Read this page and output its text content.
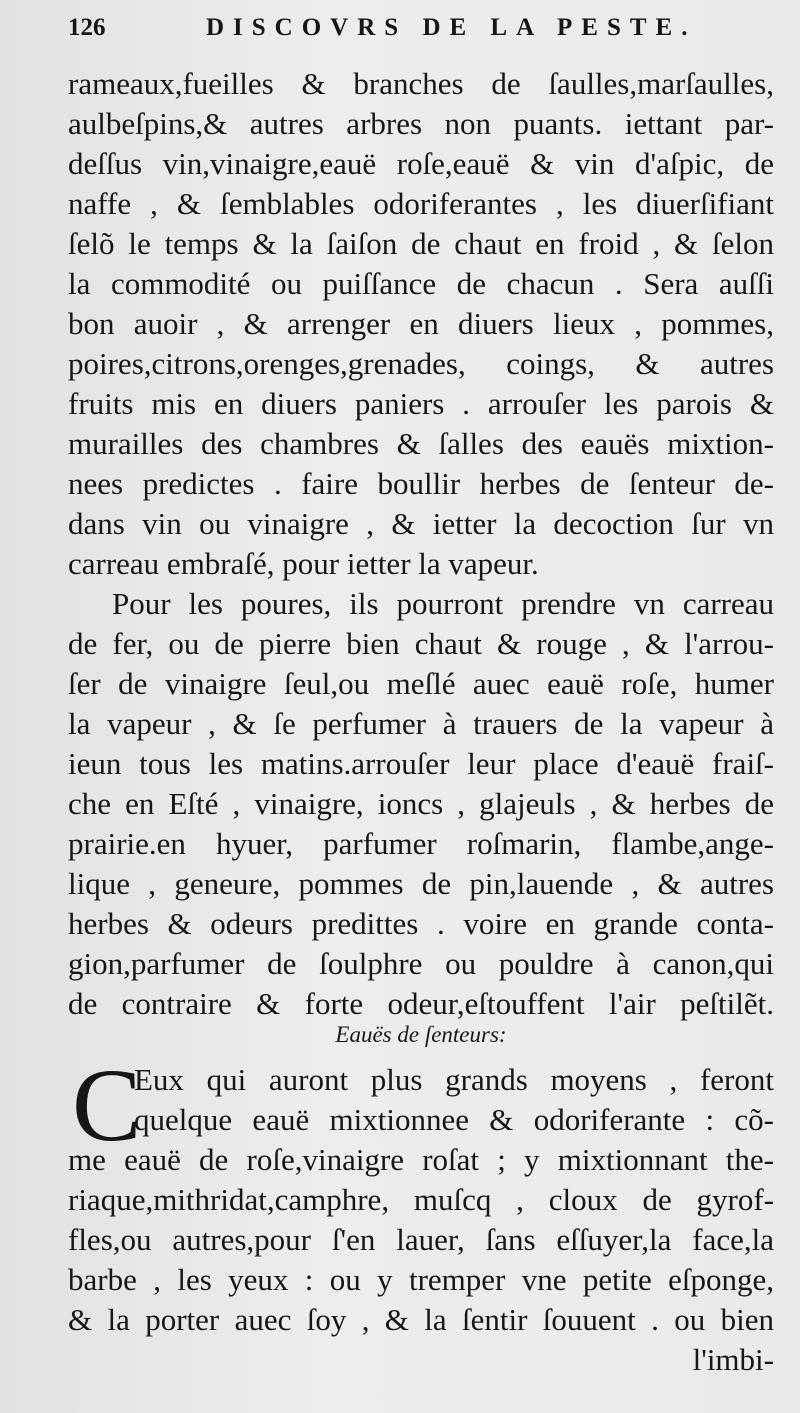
126	DISCOVRS DE LA PESTE.
rameaux,fueilles & branches de ſaulles,marſaulles,
aulbeſpins,& autres arbres non puants. iettant par-
deſſus vin,vinaigre,eauë roſe,eauë & vin d'aſpic, de
naffe , & ſemblables odoriferantes , les diuerſifiant
ſelõ le temps & la ſaiſon de chaut en froid , & ſelon
la commodité ou puiſſance de chacun . Sera auſſi
bon auoir , & arrenger en diuers lieux , pommes,
poires,citrons,orenges,grenades, coings, & autres
fruits mis en diuers paniers . arrouſer les parois &
murailles des chambres & ſalles des eauës mixtion-
nees predictes . faire boullir herbes de ſenteur de-
dans vin ou vinaigre , & ietter la decoction ſur vn
carreau embraſé, pour ietter la vapeur.
Pour les poures, ils pourront prendre vn carreau
de fer, ou de pierre bien chaut & rouge , & l'arrou-
ſer de vinaigre ſeul,ou meſlé auec eauë roſe, humer
la vapeur , & ſe perfumer à trauers de la vapeur à
ieun tous les matins.arrouſer leur place d'eauë fraiſ-
che en Eſté , vinaigre, ioncs , glajeuls , & herbes de
prairie.en hyuer, parfumer roſmarin, flambe,ange-
lique , geneure, pommes de pin,lauende , & autres
herbes & odeurs predittes . voire en grande conta-
gion,parfumer de ſoulphre ou pouldre à canon,qui
de contraire & forte odeur,eſtouffent l'air peſtilẽt.
Eauës de ſenteurs:
C
Eux qui auront plus grands moyens , feront
quelque eauë mixtionnee & odoriferante : cõ-
me eauë de roſe,vinaigre roſat ; y mixtionnant the-
riaque,mithridat,camphre, muſcq , cloux de gyrof-
fles,ou autres,pour ſ'en lauer, ſans eſſuyer,la face,la
barbe , les yeux : ou y tremper vne petite eſponge,
& la porter auec ſoy , & la ſentir ſouuent . ou bien
l'imbi-
